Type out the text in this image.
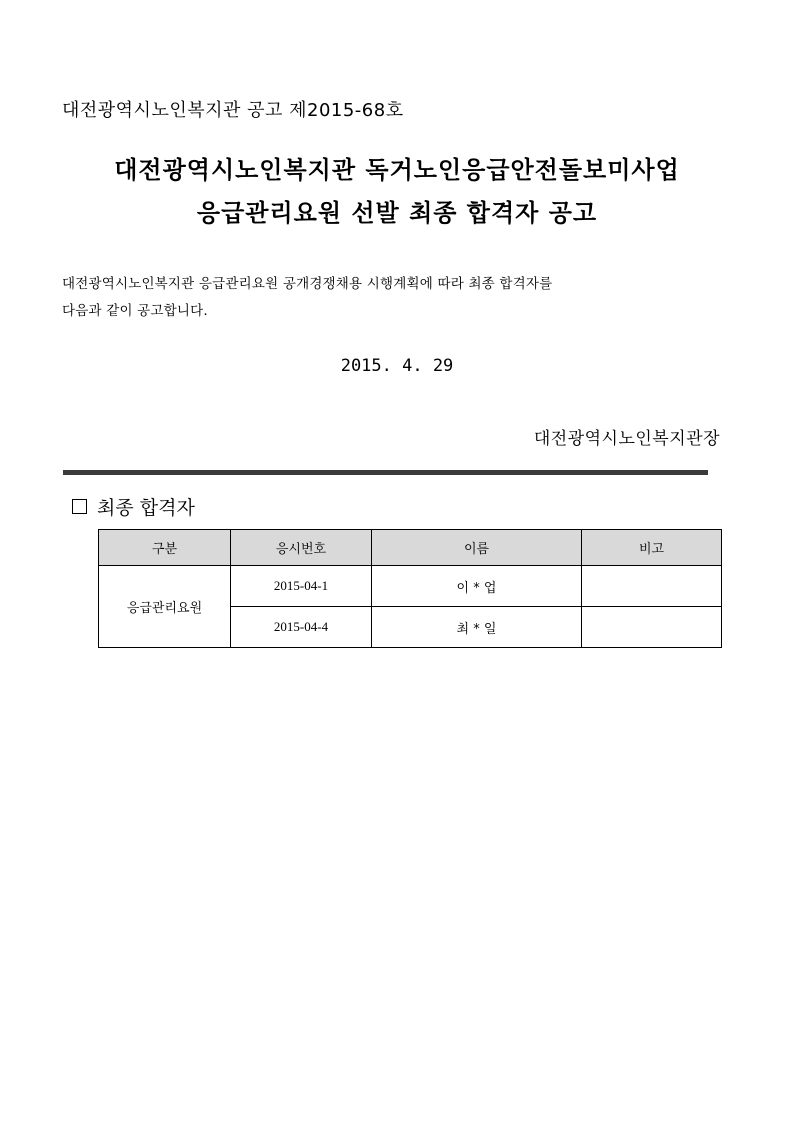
대전광역시노인복지관 공고 제2015-68호
대전광역시노인복지관 독거노인응급안전돌보미사업
응급관리요원 선발 최종 합격자 공고
대전광역시노인복지관 응급관리요원 공개경쟁채용 시행계획에 따라 최종 합격자를
다음과 같이 공고합니다.
2015. 4. 29
대전광역시노인복지관장
최종 합격자
구분	응시번호	이름	비고
응급관리요원	2015-04-1	이 * 업	
	2015-04-4	최 * 일	
